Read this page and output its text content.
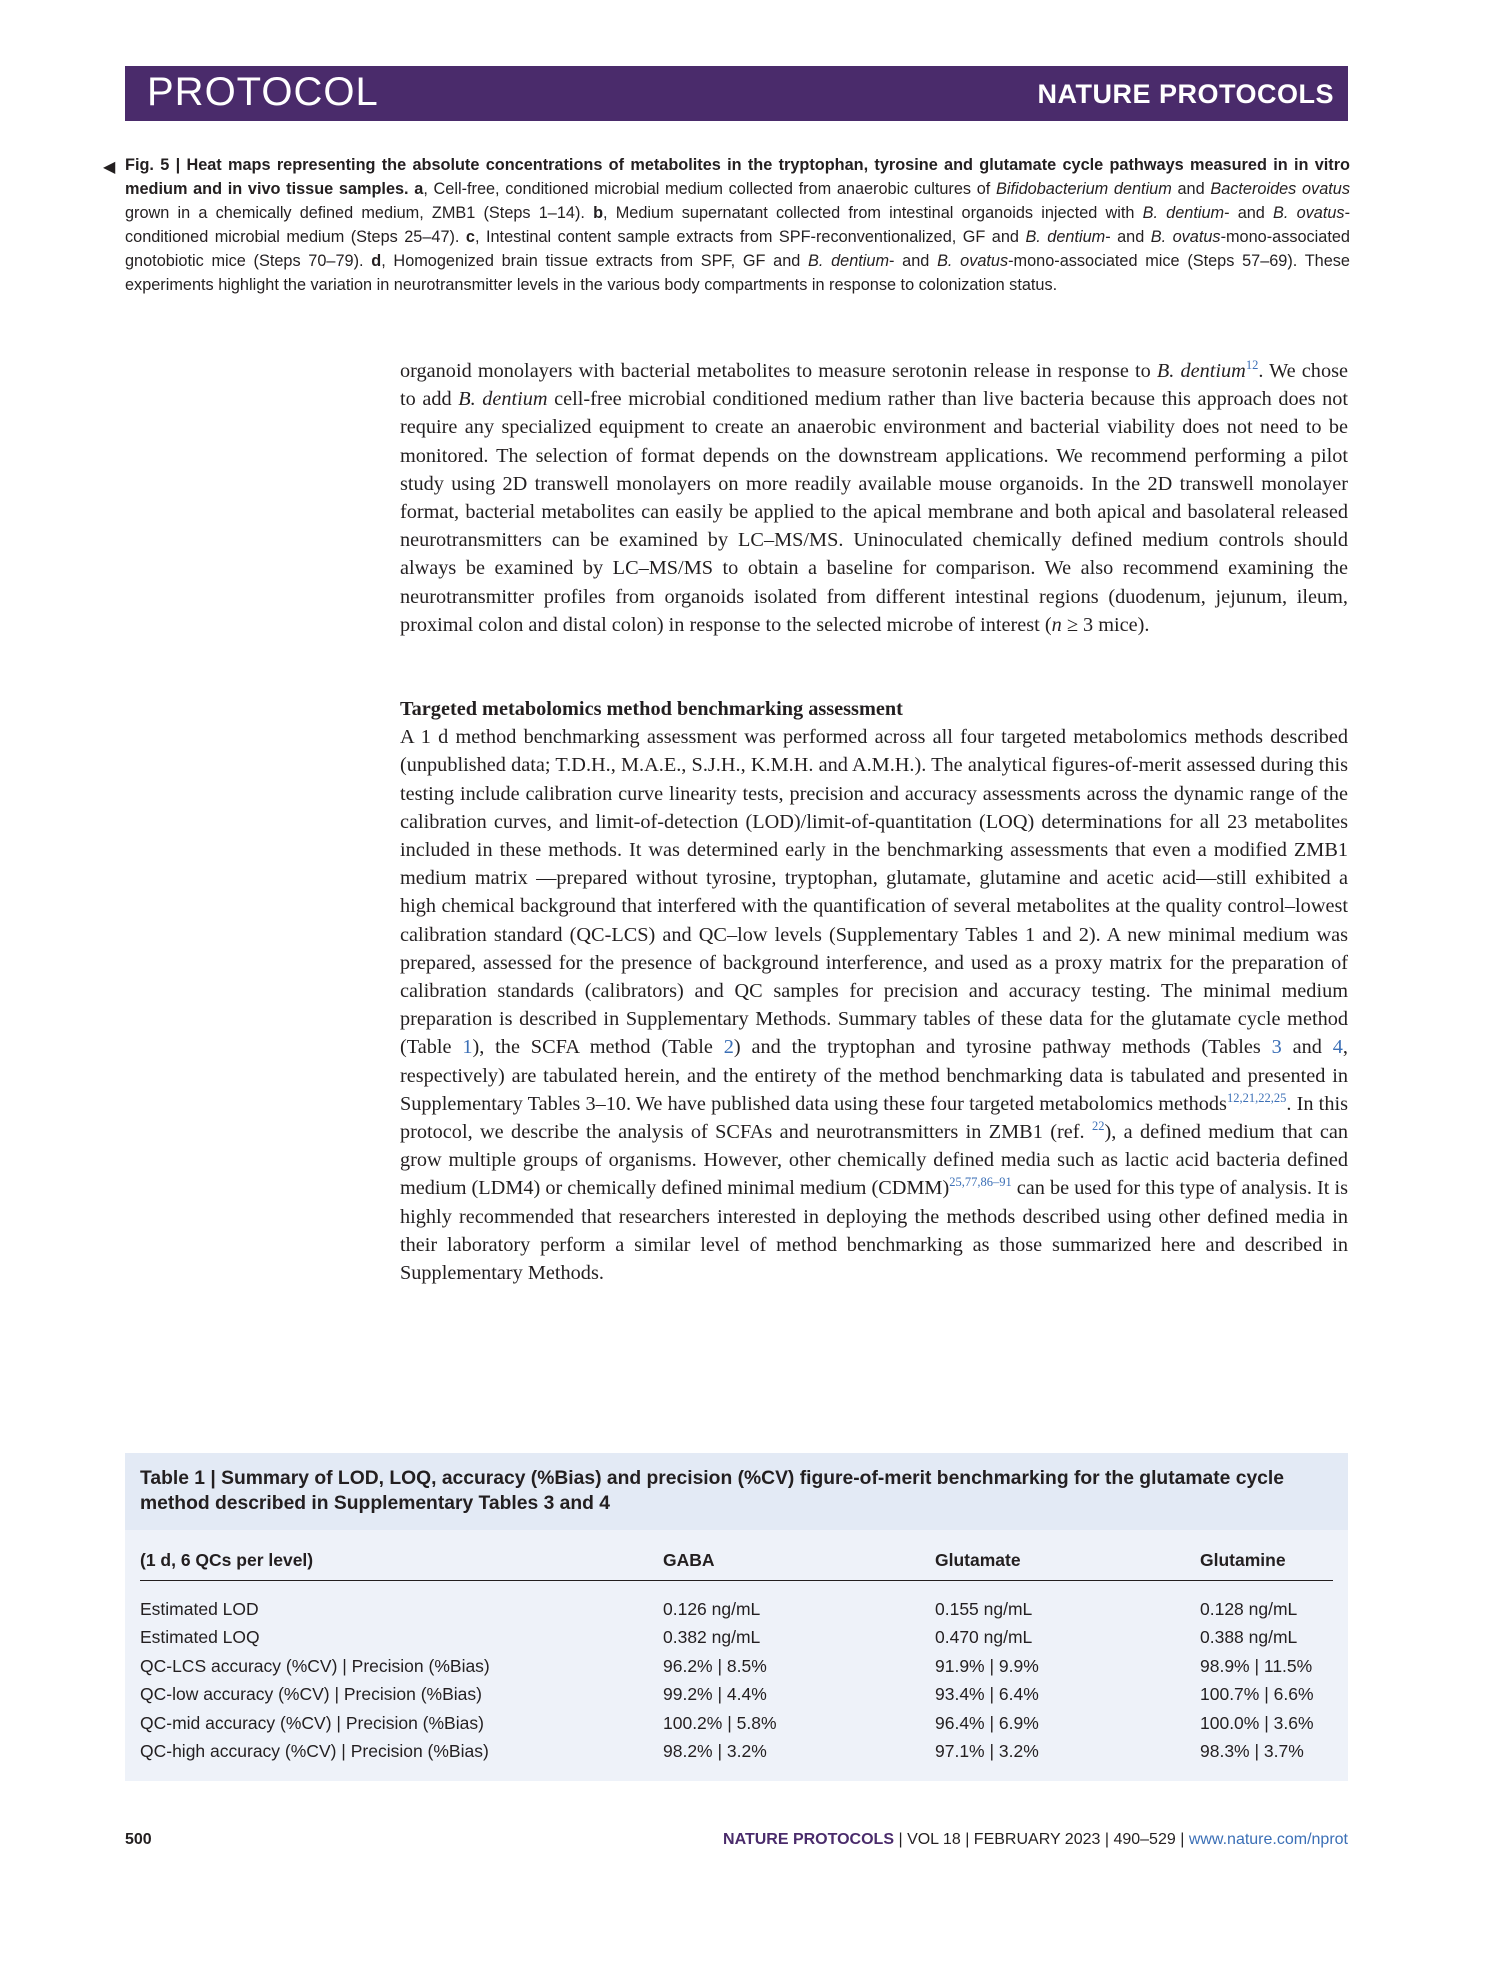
PROTOCOL	NATURE PROTOCOLS
◀ Fig. 5 | Heat maps representing the absolute concentrations of metabolites in the tryptophan, tyrosine and glutamate cycle pathways measured in in vitro medium and in vivo tissue samples. a, Cell-free, conditioned microbial medium collected from anaerobic cultures of Bifidobacterium dentium and Bacteroides ovatus grown in a chemically defined medium, ZMB1 (Steps 1–14). b, Medium supernatant collected from intestinal organoids injected with B. dentium- and B. ovatus-conditioned microbial medium (Steps 25–47). c, Intestinal content sample extracts from SPF-reconventionalized, GF and B. dentium- and B. ovatus-mono-associated gnotobiotic mice (Steps 70–79). d, Homogenized brain tissue extracts from SPF, GF and B. dentium- and B. ovatus-mono-associated mice (Steps 57–69). These experiments highlight the variation in neurotransmitter levels in the various body compartments in response to colonization status.

organoid monolayers with bacterial metabolites to measure serotonin release in response to B. dentium$^{12}$. We chose to add B. dentium cell-free microbial conditioned medium rather than live bacteria because this approach does not require any specialized equipment to create an anaerobic environment and bacterial viability does not need to be monitored. The selection of format depends on the downstream applications. We recommend performing a pilot study using 2D transwell monolayers on more readily available mouse organoids. In the 2D transwell monolayer format, bacterial metabolites can easily be applied to the apical membrane and both apical and basolateral released neurotransmitters can be examined by LC–MS/MS. Uninoculated chemically defined medium controls should always be examined by LC–MS/MS to obtain a baseline for comparison. We also recommend examining the neurotransmitter profiles from organoids isolated from different intestinal regions (duodenum, jejunum, ileum, proximal colon and distal colon) in response to the selected microbe of interest (n ≥ 3 mice).

Targeted metabolomics method benchmarking assessment

A 1 d method benchmarking assessment was performed across all four targeted metabolomics methods described (unpublished data; T.D.H., M.A.E., S.J.H., K.M.H. and A.M.H.). The analytical figures-of-merit assessed during this testing include calibration curve linearity tests, precision and accuracy assessments across the dynamic range of the calibration curves, and limit-of-detection (LOD)/limit-of-quantitation (LOQ) determinations for all 23 metabolites included in these methods. It was determined early in the benchmarking assessments that even a modified ZMB1 medium matrix —prepared without tyrosine, tryptophan, glutamate, glutamine and acetic acid—still exhibited a high chemical background that interfered with the quantification of several metabolites at the quality control–lowest calibration standard (QC-LCS) and QC–low levels (Supplementary Tables 1 and 2). A new minimal medium was prepared, assessed for the presence of background interference, and used as a proxy matrix for the preparation of calibration standards (calibrators) and QC samples for precision and accuracy testing. The minimal medium preparation is described in Supplementary Methods. Summary tables of these data for the glutamate cycle method (Table 1), the SCFA method (Table 2) and the tryptophan and tyrosine pathway methods (Tables 3 and 4, respectively) are tabulated herein, and the entirety of the method benchmarking data is tabulated and presented in Supplementary Tables 3–10. We have published data using these four targeted metabolomics methods$^{12,21,22,25}$. In this protocol, we describe the analysis of SCFAs and neurotransmitters in ZMB1 (ref. $^{22}$), a defined medium that can grow multiple groups of organisms. However, other chemically defined media such as lactic acid bacteria defined medium (LDM4) or chemically defined minimal medium (CDMM)$^{25,77,86-91}$ can be used for this type of analysis. It is highly recommended that researchers interested in deploying the methods described using other defined media in their laboratory perform a similar level of method benchmarking as those summarized here and described in Supplementary Methods.

Table 1 | Summary of LOD, LOQ, accuracy (%Bias) and precision (%CV) figure-of-merit benchmarking for the glutamate cycle method described in Supplementary Tables 3 and 4
(1 d, 6 QCs per level)	GABA	Glutamate	Glutamine
Estimated LOD	0.126 ng/mL	0.155 ng/mL	0.128 ng/mL
Estimated LOQ	0.382 ng/mL	0.470 ng/mL	0.388 ng/mL
QC-LCS accuracy (%CV) | Precision (%Bias)	96.2% | 8.5%	91.9% | 9.9%	98.9% | 11.5%
QC-low accuracy (%CV) | Precision (%Bias)	99.2% | 4.4%	93.4% | 6.4%	100.7% | 6.6%
QC-mid accuracy (%CV) | Precision (%Bias)	100.2% | 5.8%	96.4% | 6.9%	100.0% | 3.6%
QC-high accuracy (%CV) | Precision (%Bias)	98.2% | 3.2%	97.1% | 3.2%	98.3% | 3.7%
500	NATURE PROTOCOLS | VOL 18 | FEBRUARY 2023 | 490–529 | www.nature.com/nprot
